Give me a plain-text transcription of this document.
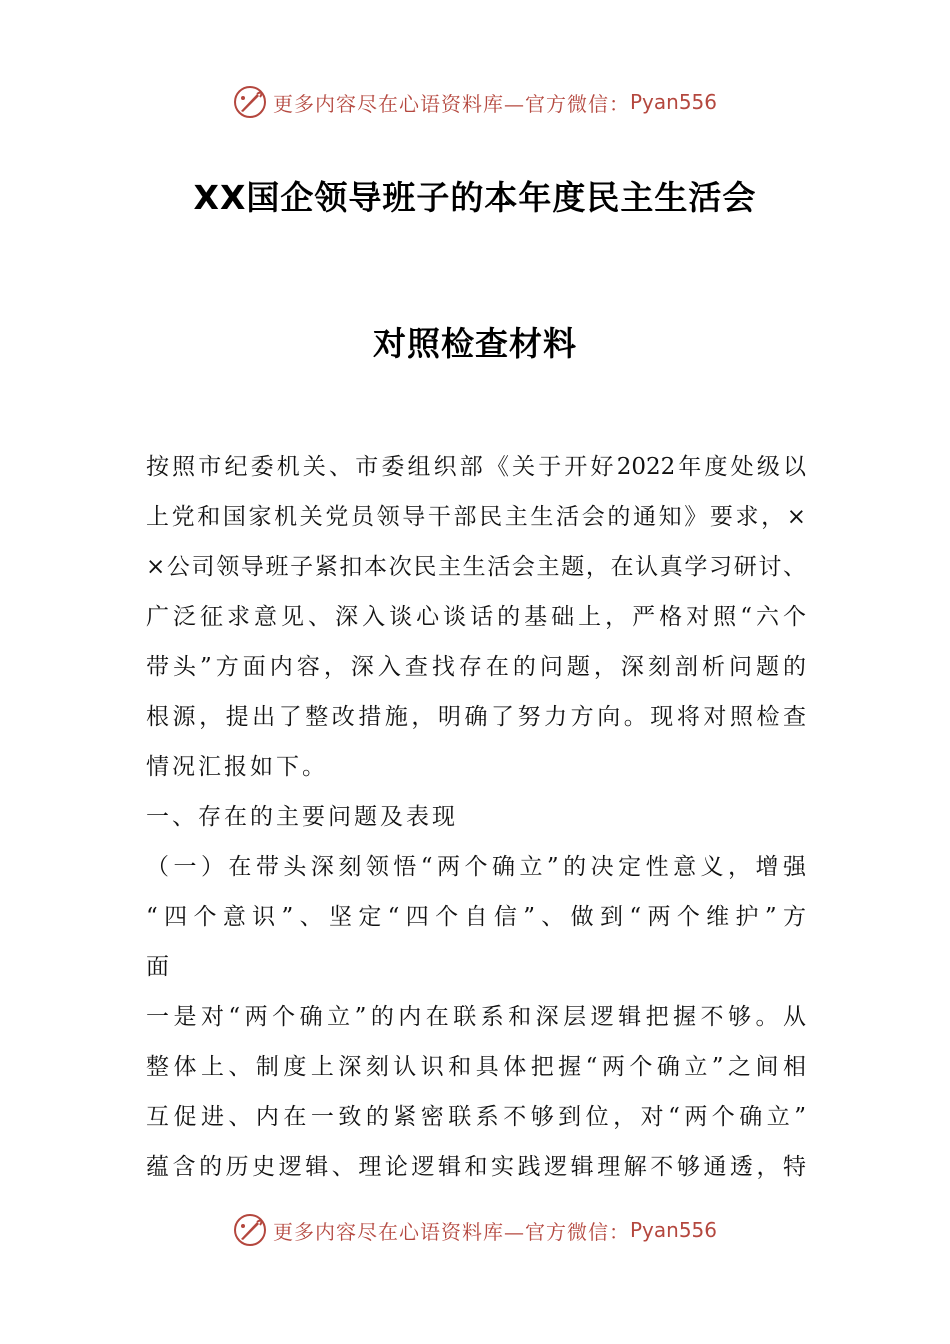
更多内容尽在心语资料库—官方微信： Pyan556
XX国企领导班子的本年度民主生活会
对照检查材料
按照市纪委机关、市委组织部《关于开好2022年度处级以
上党和国家机关党员领导干部民主生活会的通知》要求，×
×公司领导班子紧扣本次民主生活会主题，在认真学习研讨、
广泛征求意见、深入谈心谈话的基础上，严格对照“六个
带头”方面内容，深入查找存在的问题，深刻剖析问题的
根源，提出了整改措施，明确了努力方向。现将对照检查
情况汇报如下。
一、存在的主要问题及表现
（一）在带头深刻领悟“两个确立”的决定性意义，增强
“四个意识”、坚定“四个自信”、做到“两个维护”方
面
一是对“两个确立”的内在联系和深层逻辑把握不够。从
整体上、制度上深刻认识和具体把握“两个确立”之间相
互促进、内在一致的紧密联系不够到位，对“两个确立”
蕴含的历史逻辑、理论逻辑和实践逻辑理解不够通透，特
更多内容尽在心语资料库—官方微信： Pyan556
